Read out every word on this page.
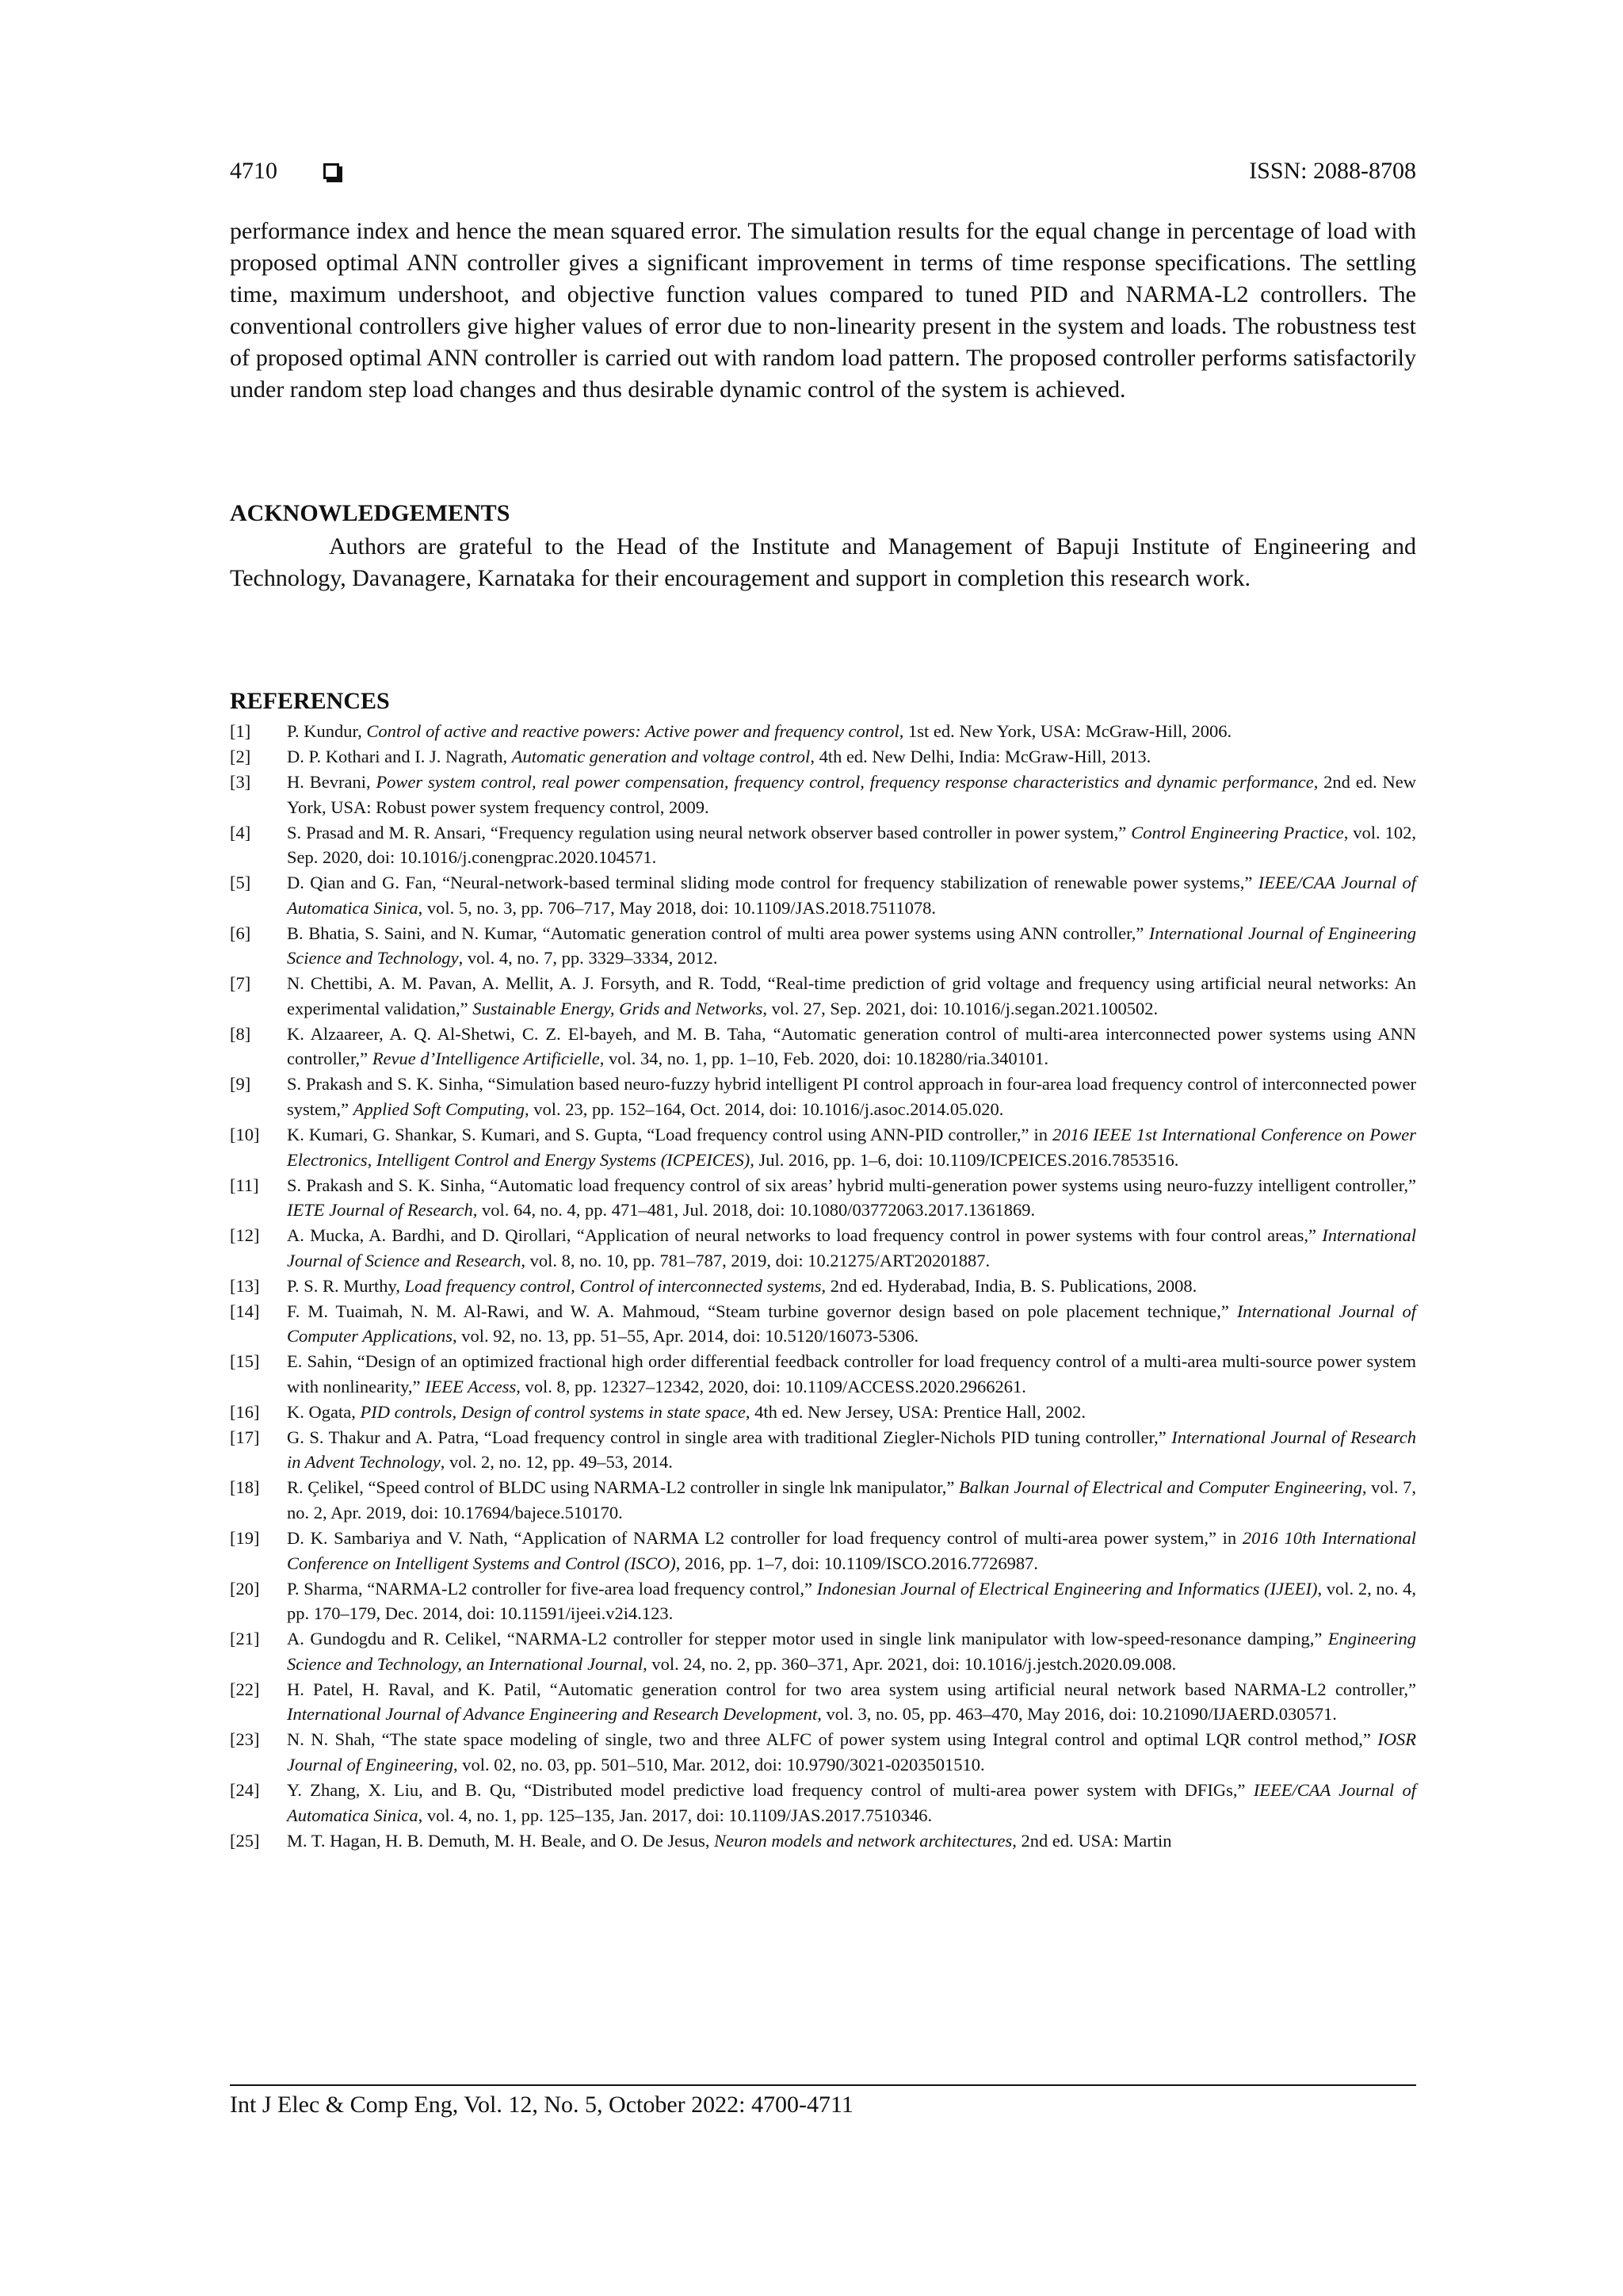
4710	ISSN: 2088-8708

performance index and hence the mean squared error. The simulation results for the equal change in percentage of load with proposed optimal ANN controller gives a significant improvement in terms of time response specifications. The settling time, maximum undershoot, and objective function values compared to tuned PID and NARMA-L2 controllers. The conventional controllers give higher values of error due to non-linearity present in the system and loads. The robustness test of proposed optimal ANN controller is carried out with random load pattern. The proposed controller performs satisfactorily under random step load changes and thus desirable dynamic control of the system is achieved.

ACKNOWLEDGEMENTS

Authors are grateful to the Head of the Institute and Management of Bapuji Institute of Engineering and Technology, Davanagere, Karnataka for their encouragement and support in completion this research work.

REFERENCES
[1]	P. Kundur, Control of active and reactive powers: Active power and frequency control, 1st ed. New York, USA: McGraw-Hill, 2006.
[2]	D. P. Kothari and I. J. Nagrath, Automatic generation and voltage control, 4th ed. New Delhi, India: McGraw-Hill, 2013.
[3]	H. Bevrani, Power system control, real power compensation, frequency control, frequency response characteristics and dynamic performance, 2nd ed. New York, USA: Robust power system frequency control, 2009.
[4]	S. Prasad and M. R. Ansari, “Frequency regulation using neural network observer based controller in power system,” Control Engineering Practice, vol. 102, Sep. 2020, doi: 10.1016/j.conengprac.2020.104571.
[5]	D. Qian and G. Fan, “Neural-network-based terminal sliding mode control for frequency stabilization of renewable power systems,” IEEE/CAA Journal of Automatica Sinica, vol. 5, no. 3, pp. 706–717, May 2018, doi: 10.1109/JAS.2018.7511078.
[6]	B. Bhatia, S. Saini, and N. Kumar, “Automatic generation control of multi area power systems using ANN controller,” International Journal of Engineering Science and Technology, vol. 4, no. 7, pp. 3329–3334, 2012.
[7]	N. Chettibi, A. M. Pavan, A. Mellit, A. J. Forsyth, and R. Todd, “Real-time prediction of grid voltage and frequency using artificial neural networks: An experimental validation,” Sustainable Energy, Grids and Networks, vol. 27, Sep. 2021, doi: 10.1016/j.segan.2021.100502.
[8]	K. Alzaareer, A. Q. Al-Shetwi, C. Z. El-bayeh, and M. B. Taha, “Automatic generation control of multi-area interconnected power systems using ANN controller,” Revue d’Intelligence Artificielle, vol. 34, no. 1, pp. 1–10, Feb. 2020, doi: 10.18280/ria.340101.
[9]	S. Prakash and S. K. Sinha, “Simulation based neuro-fuzzy hybrid intelligent PI control approach in four-area load frequency control of interconnected power system,” Applied Soft Computing, vol. 23, pp. 152–164, Oct. 2014, doi: 10.1016/j.asoc.2014.05.020.
[10]	K. Kumari, G. Shankar, S. Kumari, and S. Gupta, “Load frequency control using ANN-PID controller,” in 2016 IEEE 1st International Conference on Power Electronics, Intelligent Control and Energy Systems (ICPEICES), Jul. 2016, pp. 1–6, doi: 10.1109/ICPEICES.2016.7853516.
[11]	S. Prakash and S. K. Sinha, “Automatic load frequency control of six areas’ hybrid multi-generation power systems using neuro-fuzzy intelligent controller,” IETE Journal of Research, vol. 64, no. 4, pp. 471–481, Jul. 2018, doi: 10.1080/03772063.2017.1361869.
[12]	A. Mucka, A. Bardhi, and D. Qirollari, “Application of neural networks to load frequency control in power systems with four control areas,” International Journal of Science and Research, vol. 8, no. 10, pp. 781–787, 2019, doi: 10.21275/ART20201887.
[13]	P. S. R. Murthy, Load frequency control, Control of interconnected systems, 2nd ed. Hyderabad, India, B. S. Publications, 2008.
[14]	F. M. Tuaimah, N. M. Al-Rawi, and W. A. Mahmoud, “Steam turbine governor design based on pole placement technique,” International Journal of Computer Applications, vol. 92, no. 13, pp. 51–55, Apr. 2014, doi: 10.5120/16073-5306.
[15]	E. Sahin, “Design of an optimized fractional high order differential feedback controller for load frequency control of a multi-area multi-source power system with nonlinearity,” IEEE Access, vol. 8, pp. 12327–12342, 2020, doi: 10.1109/ACCESS.2020.2966261.
[16]	K. Ogata, PID controls, Design of control systems in state space, 4th ed. New Jersey, USA: Prentice Hall, 2002.
[17]	G. S. Thakur and A. Patra, “Load frequency control in single area with traditional Ziegler-Nichols PID tuning controller,” International Journal of Research in Advent Technology, vol. 2, no. 12, pp. 49–53, 2014.
[18]	R. Çelikel, “Speed control of BLDC using NARMA-L2 controller in single lnk manipulator,” Balkan Journal of Electrical and Computer Engineering, vol. 7, no. 2, Apr. 2019, doi: 10.17694/bajece.510170.
[19]	D. K. Sambariya and V. Nath, “Application of NARMA L2 controller for load frequency control of multi-area power system,” in 2016 10th International Conference on Intelligent Systems and Control (ISCO), 2016, pp. 1–7, doi: 10.1109/ISCO.2016.7726987.
[20]	P. Sharma, “NARMA-L2 controller for five-area load frequency control,” Indonesian Journal of Electrical Engineering and Informatics (IJEEI), vol. 2, no. 4, pp. 170–179, Dec. 2014, doi: 10.11591/ijeei.v2i4.123.
[21]	A. Gundogdu and R. Celikel, “NARMA-L2 controller for stepper motor used in single link manipulator with low-speed-resonance damping,” Engineering Science and Technology, an International Journal, vol. 24, no. 2, pp. 360–371, Apr. 2021, doi: 10.1016/j.jestch.2020.09.008.
[22]	H. Patel, H. Raval, and K. Patil, “Automatic generation control for two area system using artificial neural network based NARMA-L2 controller,” International Journal of Advance Engineering and Research Development, vol. 3, no. 05, pp. 463–470, May 2016, doi: 10.21090/IJAERD.030571.
[23]	N. N. Shah, “The state space modeling of single, two and three ALFC of power system using Integral control and optimal LQR control method,” IOSR Journal of Engineering, vol. 02, no. 03, pp. 501–510, Mar. 2012, doi: 10.9790/3021-0203501510.
[24]	Y. Zhang, X. Liu, and B. Qu, “Distributed model predictive load frequency control of multi-area power system with DFIGs,” IEEE/CAA Journal of Automatica Sinica, vol. 4, no. 1, pp. 125–135, Jan. 2017, doi: 10.1109/JAS.2017.7510346.
[25]	M. T. Hagan, H. B. Demuth, M. H. Beale, and O. De Jesus, Neuron models and network architectures, 2nd ed. USA: Martin
Int J Elec & Comp Eng, Vol. 12, No. 5, October 2022: 4700-4711
